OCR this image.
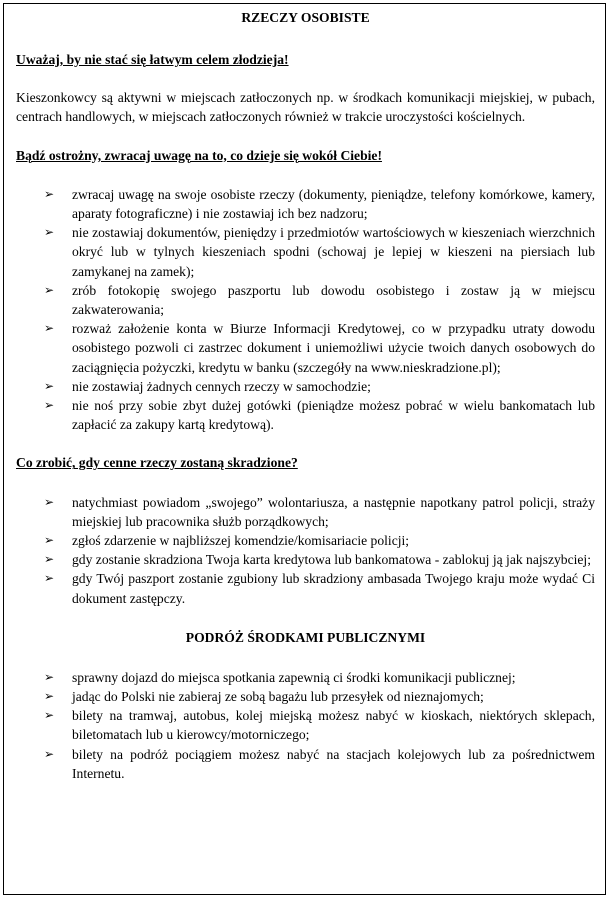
RZECZY OSOBISTE
Uważaj, by nie stać się łatwym celem złodzieja!

Kieszonkowcy są aktywni w miejscach zatłoczonych np. w środkach komunikacji miejskiej, w pubach, centrach handlowych, w miejscach zatłoczonych również w trakcie uroczystości kościelnych.

Bądź ostrożny, zwracaj uwagę na to, co dzieje się wokół Ciebie!
➢ zwracaj uwagę na swoje osobiste rzeczy (dokumenty, pieniądze, telefony komórkowe, kamery, aparaty fotograficzne) i nie zostawiaj ich bez nadzoru;
➢ nie zostawiaj dokumentów, pieniędzy i przedmiotów wartościowych w kieszeniach wierzchnich okryć lub w tylnych kieszeniach spodni (schowaj je lepiej w kieszeni na piersiach lub zamykanej na zamek);
➢ zrób fotokopię swojego paszportu lub dowodu osobistego i zostaw ją w miejscu zakwaterowania;
➢ rozważ założenie konta w Biurze Informacji Kredytowej, co w przypadku utraty dowodu osobistego pozwoli ci zastrzec dokument i uniemożliwi użycie twoich danych osobowych do zaciągnięcia pożyczki, kredytu w banku (szczegóły na www.nieskradzione.pl);
➢ nie zostawiaj żadnych cennych rzeczy w samochodzie;
➢ nie noś przy sobie zbyt dużej gotówki (pieniądze możesz pobrać w wielu bankomatach lub zapłacić za zakupy kartą kredytową).
Co zrobić, gdy cenne rzeczy zostaną skradzione?
➢ natychmiast powiadom „swojego” wolontariusza, a następnie napotkany patrol policji, straży miejskiej lub pracownika służb porządkowych;
➢ zgłoś zdarzenie w najbliższej komendzie/komisariacie policji;
➢ gdy zostanie skradziona Twoja karta kredytowa lub bankomatowa - zablokuj ją jak najszybciej;
➢ gdy Twój paszport zostanie zgubiony lub skradziony ambasada Twojego kraju może wydać Ci dokument zastępczy.
PODRÓŻ ŚRODKAMI PUBLICZNYMI
➢ sprawny dojazd do miejsca spotkania zapewnią ci środki komunikacji publicznej;
➢ jadąc do Polski nie zabieraj ze sobą bagażu lub przesyłek od nieznajomych;
➢ bilety na tramwaj, autobus, kolej miejską możesz nabyć w kioskach, niektórych sklepach, biletomatach lub u kierowcy/motorniczego;
➢ bilety na podróż pociągiem możesz nabyć na stacjach kolejowych lub za pośrednictwem Internetu.
